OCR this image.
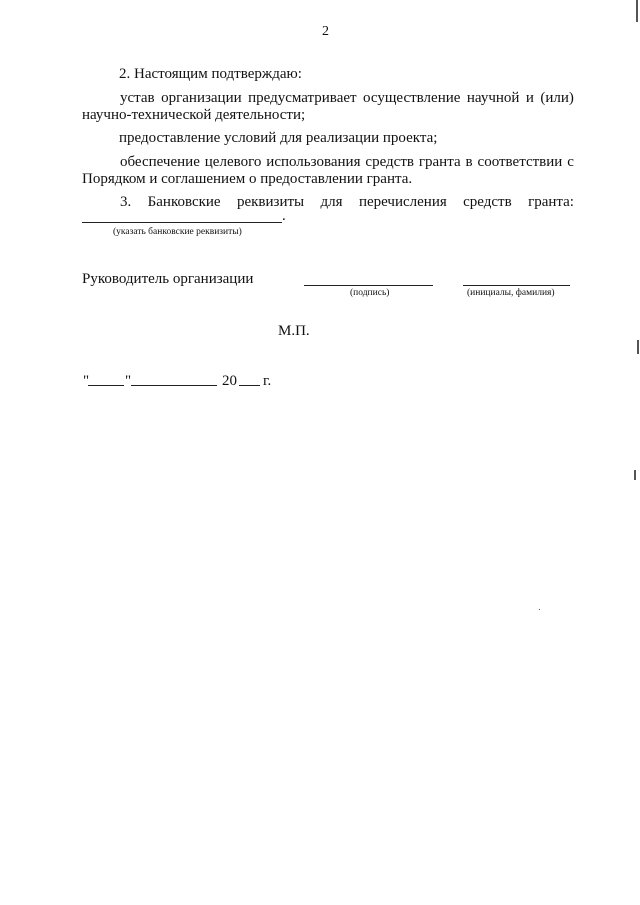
2
2. Настоящим подтверждаю:
устав организации предусматривает осуществление научной и (или)
научно-технической деятельности;
предоставление условий для реализации проекта;
обеспечение целевого использования средств гранта в соответствии с
Порядком и соглашением о предоставлении гранта.
3. Банковские реквизиты для перечисления средств гранта:
.
(указать банковские реквизиты)
Руководитель организации
(подпись)	(инициалы, фамилия)
М.П.
" "	20 г.
